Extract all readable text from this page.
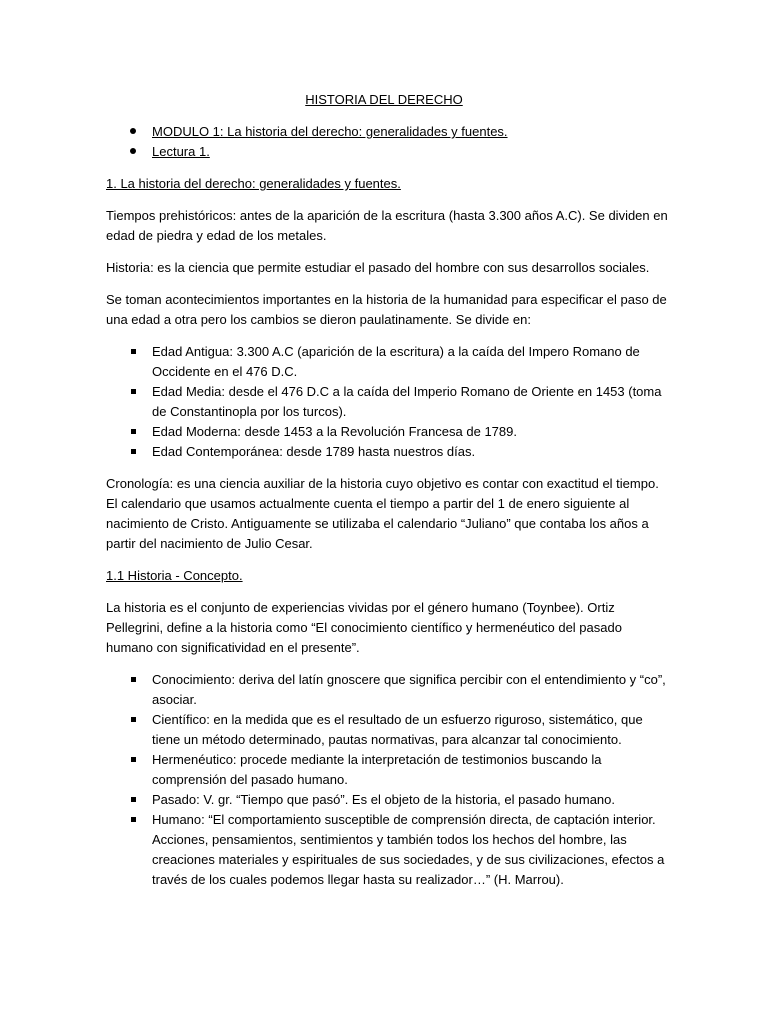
HISTORIA DEL DERECHO
MODULO 1: La historia del derecho: generalidades y fuentes.
Lectura 1.

1. La historia del derecho: generalidades y fuentes.

Tiempos prehistóricos: antes de la aparición de la escritura (hasta 3.300 años A.C). Se dividen en edad de piedra y edad de los metales.

Historia: es la ciencia que permite estudiar el pasado del hombre con sus desarrollos sociales.

Se toman acontecimientos importantes en la historia de la humanidad para especificar el paso de una edad a otra pero los cambios se dieron paulatinamente. Se divide en:

Edad Antigua: 3.300 A.C (aparición de la escritura) a la caída del Impero Romano de Occidente en el 476 D.C.
Edad Media: desde el 476 D.C a la caída del Imperio Romano de Oriente en 1453 (toma de Constantinopla por los turcos).
Edad Moderna: desde 1453 a la Revolución Francesa de 1789.
Edad Contemporánea: desde 1789 hasta nuestros días.

Cronología: es una ciencia auxiliar de la historia cuyo objetivo es contar con exactitud el tiempo. El calendario que usamos actualmente cuenta el tiempo a partir del 1 de enero siguiente al nacimiento de Cristo. Antiguamente se utilizaba el calendario “Juliano” que contaba los años a partir del nacimiento de Julio Cesar.

1.1 Historia - Concepto.

La historia es el conjunto de experiencias vividas por el género humano (Toynbee). Ortiz Pellegrini, define a la historia como “El conocimiento científico y hermenéutico del pasado humano con significatividad en el presente”.

Conocimiento: deriva del latín gnoscere que significa percibir con el entendimiento y “co”, asociar.
Científico: en la medida que es el resultado de un esfuerzo riguroso, sistemático, que tiene un método determinado, pautas normativas, para alcanzar tal conocimiento.
Hermenéutico: procede mediante la interpretación de testimonios buscando la comprensión del pasado humano.
Pasado: V. gr. “Tiempo que pasó”. Es el objeto de la historia, el pasado humano.
Humano: “El comportamiento susceptible de comprensión directa, de captación interior. Acciones, pensamientos, sentimientos y también todos los hechos del hombre, las creaciones materiales y espirituales de sus sociedades, y de sus civilizaciones, efectos a través de los cuales podemos llegar hasta su realizador…” (H. Marrou).
